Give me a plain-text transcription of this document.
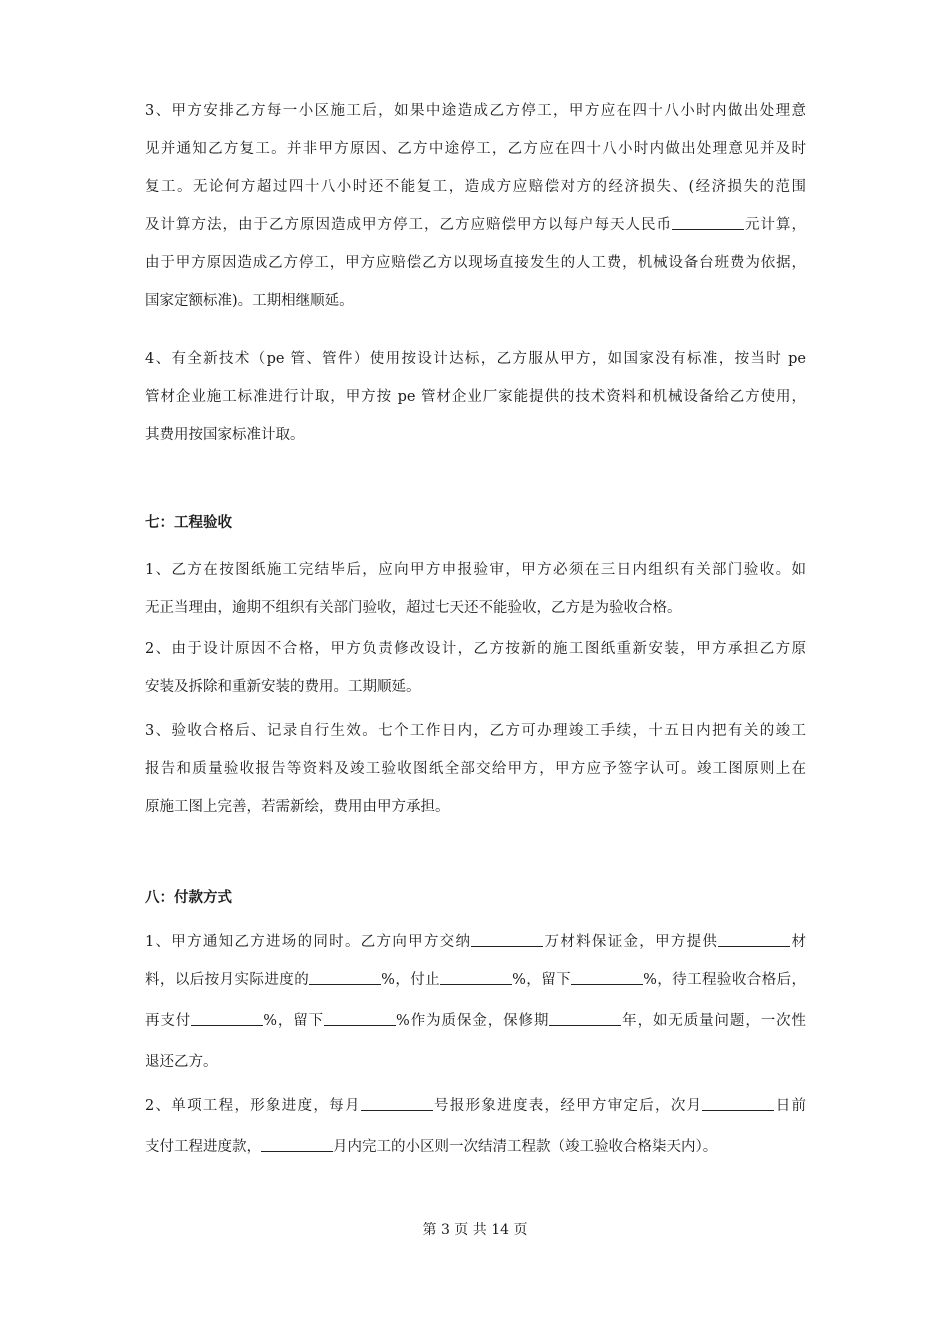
3、甲方安排乙方每一小区施工后，如果中途造成乙方停工，甲方应在四十八小时内做出处理意
见并通知乙方复工。并非甲方原因、乙方中途停工，乙方应在四十八小时内做出处理意见并及时
复工。无论何方超过四十八小时还不能复工，造成方应赔偿对方的经济损失、(经济损失的范围
及计算方法，由于乙方原因造成甲方停工，乙方应赔偿甲方以每户每天人民币	元计算，
由于甲方原因造成乙方停工，甲方应赔偿乙方以现场直接发生的人工费，机械设备台班费为依据，
国家定额标准)。工期相继顺延。
4、有全新技术（pe 管、管件）使用按设计达标，乙方服从甲方，如国家没有标准，按当时 pe
管材企业施工标准进行计取，甲方按 pe 管材企业厂家能提供的技术资料和机械设备给乙方使用，
其费用按国家标准计取。
七：工程验收
1、乙方在按图纸施工完结毕后，应向甲方申报验审，甲方必须在三日内组织有关部门验收。如
无正当理由，逾期不组织有关部门验收，超过七天还不能验收，乙方是为验收合格。
2、由于设计原因不合格，甲方负责修改设计，乙方按新的施工图纸重新安装，甲方承担乙方原
安装及拆除和重新安装的费用。工期顺延。
3、验收合格后、记录自行生效。七个工作日内，乙方可办理竣工手续，十五日内把有关的竣工
报告和质量验收报告等资料及竣工验收图纸全部交给甲方，甲方应予签字认可。竣工图原则上在
原施工图上完善，若需新绘，费用由甲方承担。
八：付款方式
1、甲方通知乙方进场的同时。乙方向甲方交纳	万材料保证金，甲方提供	材
料，以后按月实际进度的	%，付止	%，留下	%，待工程验收合格后，
再支付	%，留下	%作为质保金，保修期	年，如无质量问题，一次性
退还乙方。
2、单项工程，形象进度，每月	号报形象进度表，经甲方审定后，次月	日前
支付工程进度款，	月内完工的小区则一次结清工程款（竣工验收合格柒天内）。
第 3 页 共 14 页
